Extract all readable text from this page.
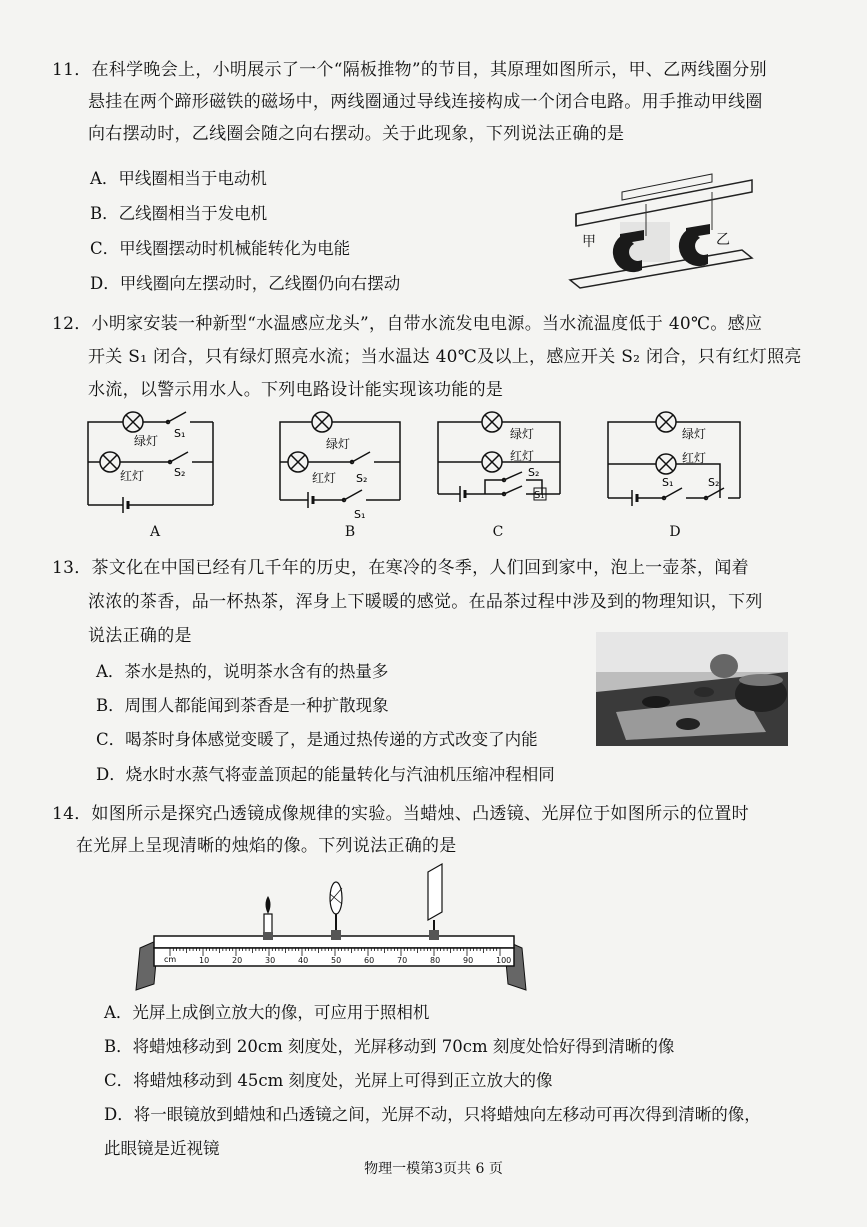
11．在科学晚会上，小明展示了一个“隔板推物”的节目，其原理如图所示，甲、乙两线圈分别
悬挂在两个蹄形磁铁的磁场中，两线圈通过导线连接构成一个闭合电路。用手推动甲线圈
向右摆动时，乙线圈会随之向右摆动。关于此现象，下列说法正确的是
A．甲线圈相当于电动机
B．乙线圈相当于发电机
C．甲线圈摆动时机械能转化为电能
D．甲线圈向左摆动时，乙线圈仍向右摆动
甲	乙
12．小明家安装一种新型“水温感应龙头”，自带水流发电电源。当水流温度低于 40℃。感应
开关 S₁ 闭合，只有绿灯照亮水流；当水温达 40℃及以上，感应开关 S₂ 闭合，只有红灯照亮
水流，以警示用水人。下列电路设计能实现该功能的是
S₁
绿灯
红灯	S₂
A
绿灯
红灯 S₂
S₁
B
绿灯
红灯
S₂
S₁
C
绿灯
红灯
S₁	S₂
D
13．茶文化在中国已经有几千年的历史，在寒冷的冬季，人们回到家中，泡上一壶茶，闻着
浓浓的茶香，品一杯热茶，浑身上下暖暖的感觉。在品茶过程中涉及到的物理知识，下列
说法正确的是
A．茶水是热的，说明茶水含有的热量多
B．周围人都能闻到茶香是一种扩散现象
C．喝茶时身体感觉变暖了，是通过热传递的方式改变了内能
D．烧水时水蒸气将壶盖顶起的能量转化与汽油机压缩冲程相同
14．如图所示是探究凸透镜成像规律的实验。当蜡烛、凸透镜、光屏位于如图所示的位置时
在光屏上呈现清晰的烛焰的像。下列说法正确的是
10	20	30	40	50	60	70	80	90	100
cm
A．光屏上成倒立放大的像，可应用于照相机
B．将蜡烛移动到 20cm 刻度处，光屏移动到 70cm 刻度处恰好得到清晰的像
C．将蜡烛移动到 45cm 刻度处，光屏上可得到正立放大的像
D．将一眼镜放到蜡烛和凸透镜之间，光屏不动，只将蜡烛向左移动可再次得到清晰的像，
此眼镜是近视镜
物理一模第3页共 6 页
